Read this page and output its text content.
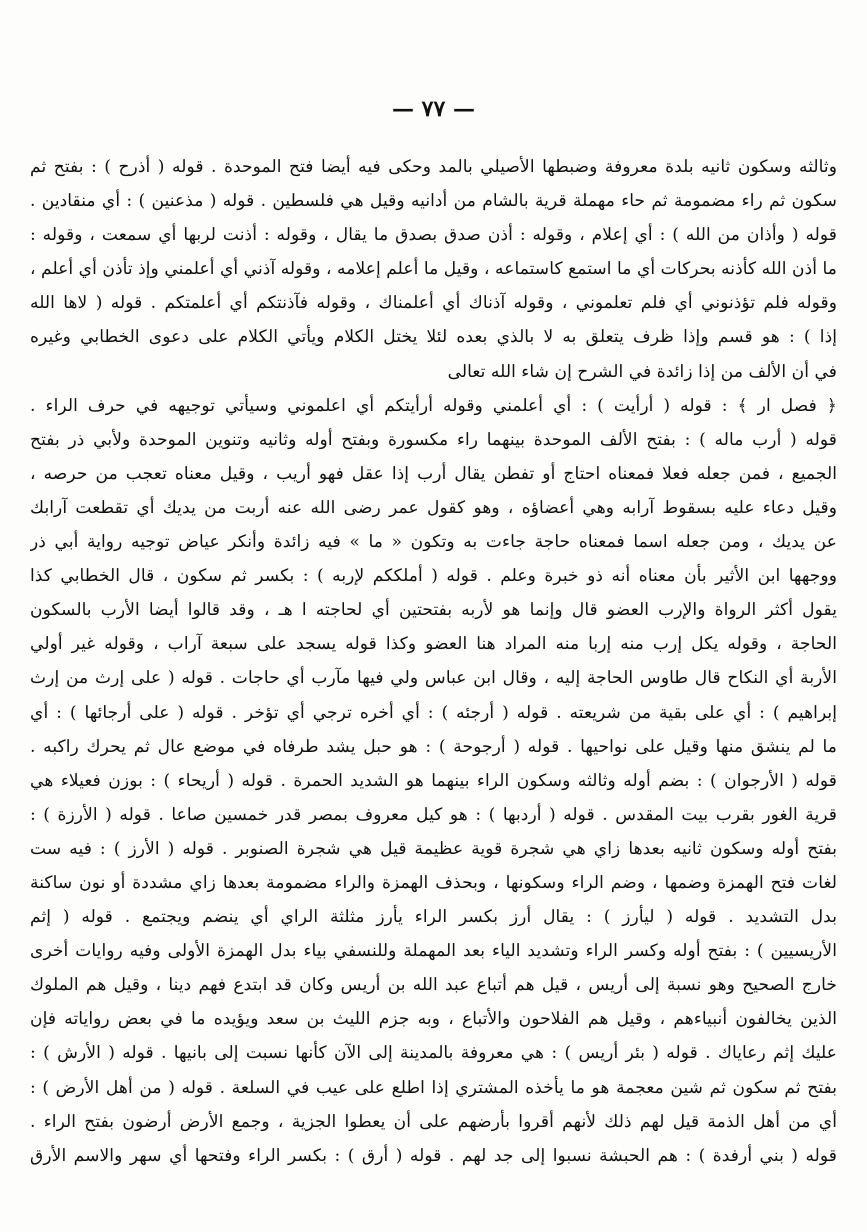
— ٧٧ —
وثالثه وسكون ثانيه بلدة معروفة وضبطها الأصيلي بالمد وحكى فيه أيضا فتح الموحدة . قوله ( أذرح ) : بفتح ثم
سكون ثم راء مضمومة ثم حاء مهملة قرية بالشام من أدانيه وقيل هي فلسطين . قوله ( مذعنين ) : أي منقادين .
قوله ( وأذان من الله ) : أي إعلام ، وقوله : أذن صدق بصدق ما يقال ، وقوله : أذنت لربها أي سمعت ، وقوله :
ما أذن الله كأذنه بحركات أي ما استمع كاستماعه ، وقيل ما أعلم إعلامه ، وقوله آذني أي أعلمني وإذ تأذن أي أعلم ،
وقوله فلم تؤذنوني أي فلم تعلموني ، وقوله آذناك أي أعلمناك ، وقوله فآذنتكم أي أعلمتكم . قوله ( لاها الله
إذا ) : هو قسم وإذا ظرف يتعلق به لا بالذي بعده لئلا يختل الكلام ويأتي الكلام على دعوى الخطابي وغيره
في أن الألف من إذا زائدة في الشرح إن شاء الله تعالى
﴿ فصل ار ﴾ : قوله ( أرأيت ) : أي أعلمني وقوله أرأيتكم أي اعلموني وسيأتي توجيهه في حرف الراء .
قوله ( أرب ماله ) : بفتح الألف الموحدة بينهما راء مكسورة وبفتح أوله وثانيه وتنوين الموحدة ولأبي ذر بفتح
الجميع ، فمن جعله فعلا فمعناه احتاج أو تفطن يقال أرب إذا عقل فهو أريب ، وقيل معناه تعجب من حرصه ،
وقيل دعاء عليه بسقوط آرابه وهي أعضاؤه ، وهو كقول عمر رضى الله عنه أربت من يديك أي تقطعت آرابك
عن يديك ، ومن جعله اسما فمعناه حاجة جاءت به وتكون « ما » فيه زائدة وأنكر عياض توجيه رواية أبي ذر
ووجهها ابن الأثير بأن معناه أنه ذو خبرة وعلم . قوله ( أملككم لإربه ) : بكسر ثم سكون ، قال الخطابي كذا
يقول أكثر الرواة والإرب العضو قال وإنما هو لأربه بفتحتين أي لحاجته ا هـ ، وقد قالوا أيضا الأرب بالسكون
الحاجة ، وقوله يكل إرب منه إربا منه المراد هنا العضو وكذا قوله يسجد على سبعة آراب ، وقوله غير أولي
الأربة أي النكاح قال طاوس الحاجة إليه ، وقال ابن عباس ولي فيها مآرب أي حاجات . قوله ( على إرث من إرث
إبراهيم ) : أي على بقية من شريعته . قوله ( أرجئه ) : أي أخره ترجي أي تؤخر . قوله ( على أرجائها ) : أي
ما لم ينشق منها وقيل على نواحيها . قوله ( أرجوحة ) : هو حبل يشد طرفاه في موضع عال ثم يحرك راكبه .
قوله ( الأرجوان ) : بضم أوله وثالثه وسكون الراء بينهما هو الشديد الحمرة . قوله ( أريحاء ) : بوزن فعيلاء هي
قرية الغور بقرب بيت المقدس . قوله ( أردبها ) : هو كيل معروف بمصر قدر خمسين صاعا . قوله ( الأرزة ) :
بفتح أوله وسكون ثانيه بعدها زاي هي شجرة قوية عظيمة قيل هي شجرة الصنوبر . قوله ( الأرز ) : فيه ست
لغات فتح الهمزة وضمها ، وضم الراء وسكونها ، وبحذف الهمزة والراء مضمومة بعدها زاي مشددة أو نون ساكنة
بدل التشديد . قوله ( ليأرز ) : يقال أرز بكسر الراء يأرز مثلثة الراي أي ينضم ويجتمع . قوله ( إثم
الأريسيين ) : بفتح أوله وكسر الراء وتشديد الياء بعد المهملة وللنسفي بياء بدل الهمزة الأولى وفيه روايات أخرى
خارج الصحيح وهو نسبة إلى أريس ، قيل هم أتباع عبد الله بن أريس وكان قد ابتدع فهم دينا ، وقيل هم الملوك
الذين يخالفون أنبياءهم ، وقيل هم الفلاحون والأتباع ، وبه جزم الليث بن سعد ويؤيده ما في بعض رواياته فإن
عليك إثم رعاياك . قوله ( بئر أريس ) : هي معروفة بالمدينة إلى الآن كأنها نسبت إلى بانيها . قوله ( الأرش ) :
بفتح ثم سكون ثم شين معجمة هو ما يأخذه المشتري إذا اطلع على عيب في السلعة . قوله ( من أهل الأرض ) :
أي من أهل الذمة قيل لهم ذلك لأنهم أقروا بأرضهم على أن يعطوا الجزية ، وجمع الأرض أرضون بفتح الراء .
قوله ( بني أرفدة ) : هم الحبشة نسبوا إلى جد لهم . قوله ( أرق ) : بكسر الراء وفتحها أي سهر والاسم الأرق
